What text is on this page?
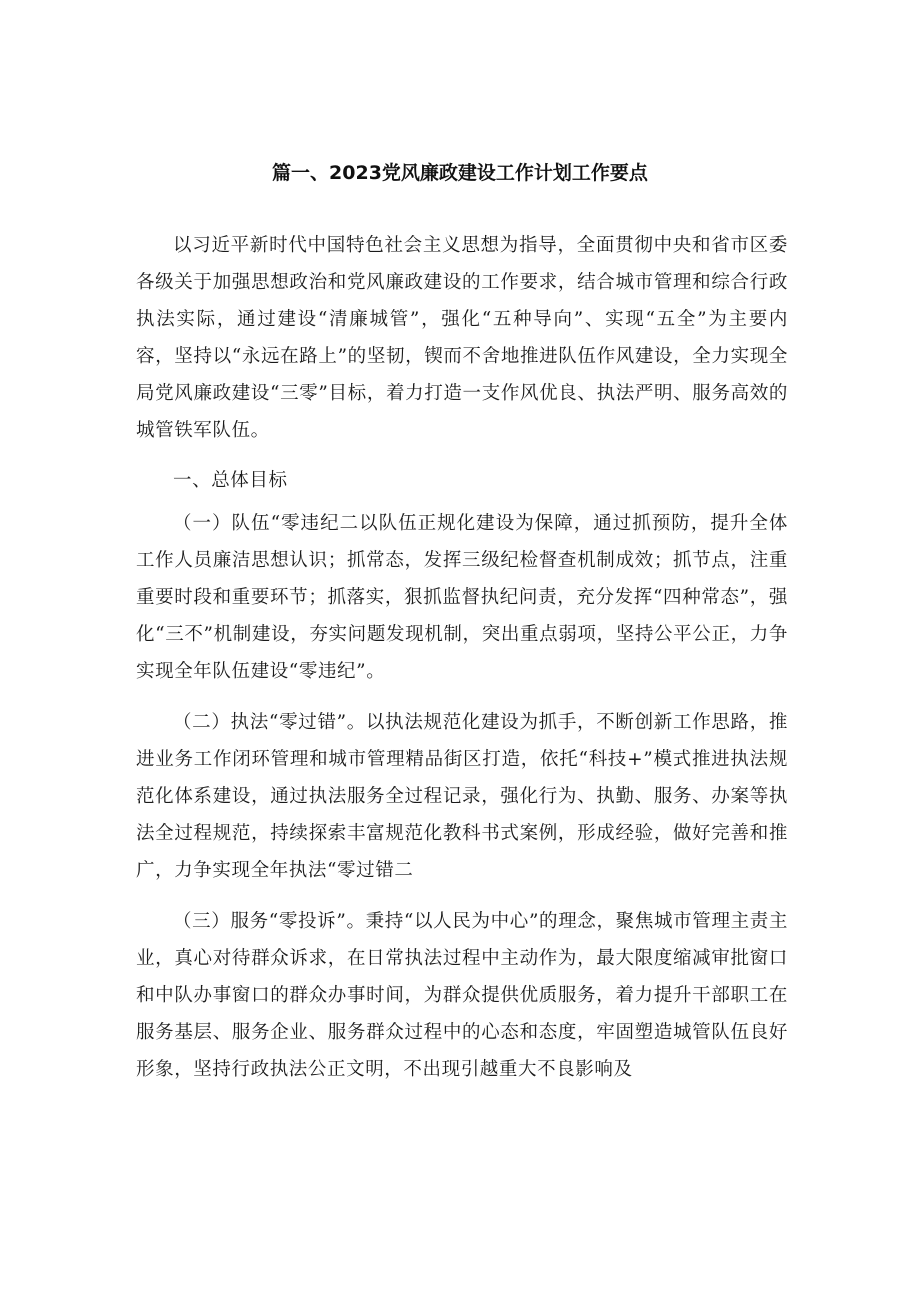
篇一、2023党风廉政建设工作计划工作要点

以习近平新时代中国特色社会主义思想为指导，全面贯彻中央和省市区委各级关于加强思想政治和党风廉政建设的工作要求，结合城市管理和综合行政执法实际，通过建设“清廉城管”，强化“五种导向”、实现“五全”为主要内容，坚持以“永远在路上”的坚韧，锲而不舍地推进队伍作风建设，全力实现全局党风廉政建设“三零”目标，着力打造一支作风优良、执法严明、服务高效的城管铁军队伍。

一、总体目标

（一）队伍“零违纪二以队伍正规化建设为保障，通过抓预防，提升全体工作人员廉洁思想认识；抓常态，发挥三级纪检督查机制成效；抓节点，注重重要时段和重要环节；抓落实，狠抓监督执纪问责，充分发挥“四种常态”，强化“三不”机制建设，夯实问题发现机制，突出重点弱项，坚持公平公正，力争实现全年队伍建设“零违纪”。

（二）执法“零过错”。以执法规范化建设为抓手，不断创新工作思路，推进业务工作闭环管理和城市管理精品街区打造，依托“科技+”模式推进执法规范化体系建设，通过执法服务全过程记录，强化行为、执勤、服务、办案等执法全过程规范，持续探索丰富规范化教科书式案例，形成经验，做好完善和推广，力争实现全年执法“零过错二

（三）服务“零投诉”。秉持“以人民为中心”的理念，聚焦城市管理主责主业，真心对待群众诉求，在日常执法过程中主动作为，最大限度缩减审批窗口和中队办事窗口的群众办事时间，为群众提供优质服务，着力提升干部职工在服务基层、服务企业、服务群众过程中的心态和态度，牢固塑造城管队伍良好形象，坚持行政执法公正文明，不出现引越重大不良影响及
